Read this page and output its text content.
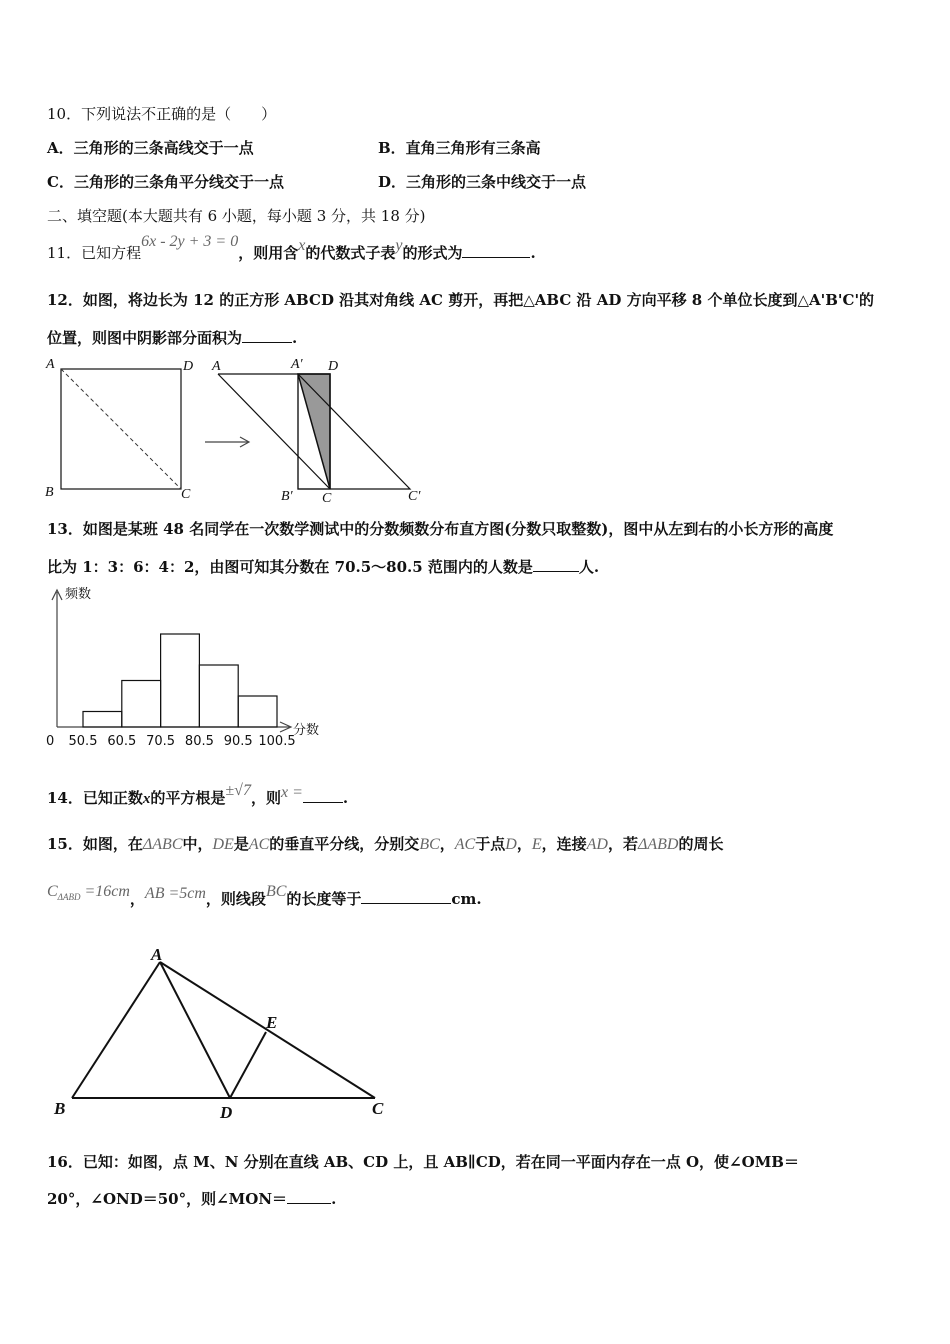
10．下列说法不正确的是（　　）
A．三角形的三条高线交于一点	B．直角三角形有三条高
C．三角形的三条角平分线交于一点	D．三角形的三条中线交于一点
二、填空题(本大题共有 6 小题，每小题 3 分，共 18 分)
11．已知方程6x - 2y + 3 = 0，则用含x的代数式子表y的形式为	.
12．如图，将边长为 12 的正方形 ABCD 沿其对角线 AC 剪开，再把△ABC 沿 AD 方向平移 8 个单位长度到△A'B'C'的
位置，则图中阴影部分面积为	.
A	D
B	C
A	A′ D
B′ C	C′
13．如图是某班 48 名同学在一次数学测试中的分数频数分布直方图(分数只取整数)，图中从左到右的小长方形的高度
比为 1：3：6：4：2，由图可知其分数在 70.5～80.5 范围内的人数是	人.
频数
分数
0 50.5 60.5 70.5 80.5 90.5 100.5
14．已知正数x的平方根是±√7，则x =	.
15．如图，在ΔABC中，DE是AC的垂直平分线，分别交BC，AC于点D，E，连接AD，若ΔABD的周长
$C_{\Delta ABD} =16cm$，AB =5cm，则线段BC的长度等于	cm.
A
B	D	C
E
16．已知：如图，点 M、N 分别在直线 AB、CD 上，且 AB∥CD，若在同一平面内存在一点 O，使∠OMB＝
20°，∠OND＝50°，则∠MON＝	.
